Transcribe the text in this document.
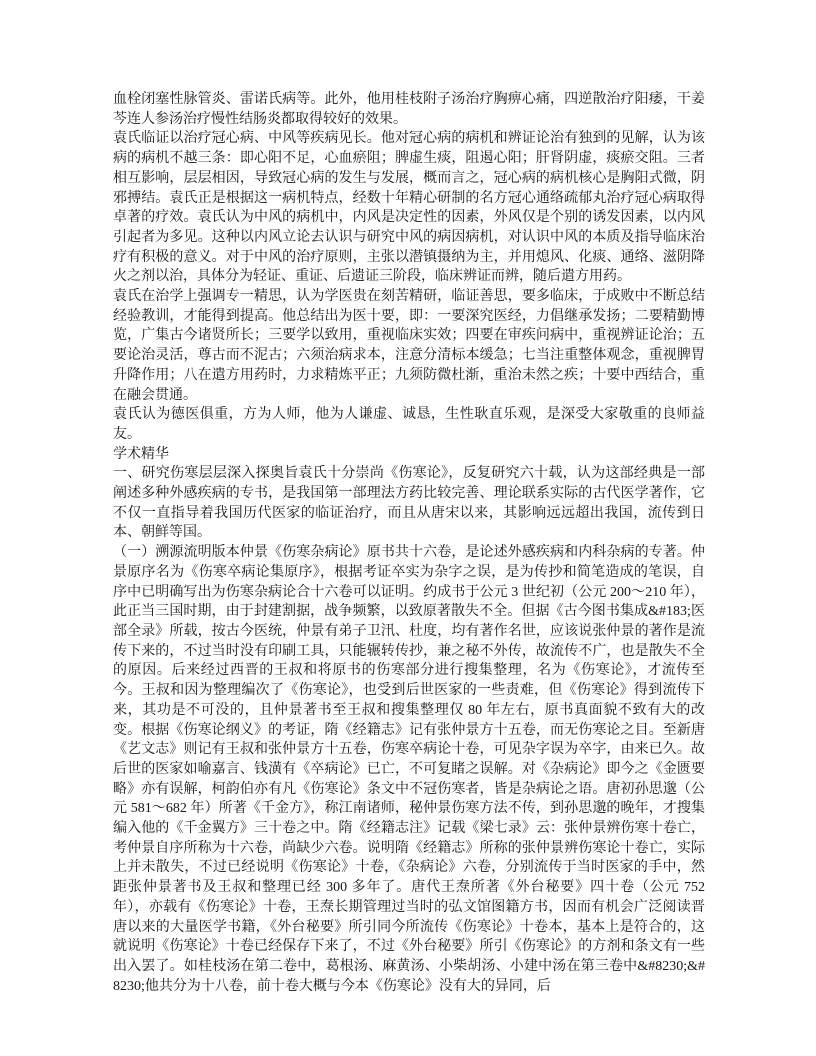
血栓闭塞性脉管炎、雷诺氏病等。此外，他用桂枝附子汤治疗胸痹心痛，四逆散治疗阳痿，干姜芩连人参汤治疗慢性结肠炎都取得较好的效果。

袁氏临证以治疗冠心病、中风等疾病见长。他对冠心病的病机和辨证论治有独到的见解，认为该病的病机不越三条：即心阳不足，心血瘀阻；脾虚生痰，阻遏心阳；肝肾阴虚，痰瘀交阻。三者相互影响，层层相因，导致冠心病的发生与发展，概而言之，冠心病的病机核心是胸阳式微，阴邪搏结。袁氏正是根据这一病机特点，经数十年精心研制的名方冠心通络疏郁丸治疗冠心病取得卓著的疗效。袁氏认为中风的病机中，内风是决定性的因素，外风仅是个别的诱发因素，以内风引起者为多见。这种以内风立论去认识与研究中风的病因病机，对认识中风的本质及指导临床治疗有积极的意义。对于中风的治疗原则，主张以潜镇摄纳为主，并用熄风、化痰、通络、滋阴降火之剂以治，具体分为轻证、重证、后遗证三阶段，临床辨证而辨，随后遣方用药。

袁氏在治学上强调专一精思，认为学医贵在刻苦精研，临证善思，要多临床，于成败中不断总结经验教训，才能得到提高。他总结出为医十要，即：一要深究医经，力倡继承发扬；二要精勤博览，广集古今诸贤所长；三要学以致用，重视临床实效；四要在审疾问病中，重视辨证论治；五要论治灵活，尊古而不泥古；六须治病求本，注意分清标本缓急；七当注重整体观念，重视脾胃升降作用；八在遣方用药时，力求精炼平正；九须防微杜渐，重治未然之疾；十要中西结合，重在融会贯通。

袁氏认为德医俱重，方为人师，他为人谦虚、诚恳，生性耿直乐观，是深受大家敬重的良师益友。

学术精华

一、研究伤寒层层深入探奥旨袁氏十分崇尚《伤寒论》，反复研究六十载，认为这部经典是一部阐述多种外感疾病的专书，是我国第一部理法方药比较完善、理论联系实际的古代医学著作，它不仅一直指导着我国历代医家的临证治疗，而且从唐宋以来，其影响远远超出我国，流传到日本、朝鲜等国。

（一）溯源流明版本仲景《伤寒杂病论》原书共十六卷，是论述外感疾病和内科杂病的专著。仲景原序名为《伤寒卒病论集原序》，根据考证卒实为杂字之误，是为传抄和简笔造成的笔误，自序中已明确写出为伤寒杂病论合十六卷可以证明。约成书于公元 3 世纪初（公元 200～210 年），此正当三国时期，由于封建割据，战争频繁，以致原著散失不全。但据《古今图书集成&#183;医部全录》所载，按古今医统，仲景有弟子卫汛、杜度，均有著作名世，应该说张仲景的著作是流传下来的，不过当时没有印刷工具，只能辗转传抄，兼之秘不外传，故流传不广，也是散失不全的原因。后来经过西晋的王叔和将原书的伤寒部分进行搜集整理，名为《伤寒论》，才流传至今。王叔和因为整理编次了《伤寒论》，也受到后世医家的一些责难，但《伤寒论》得到流传下来，其功是不可没的，且仲景著书至王叔和搜集整理仅 80 年左右，原书真面貌不致有大的改变。根据《伤寒论纲义》的考证，隋《经籍志》记有张仲景方十五卷，而无伤寒论之目。至新唐《艺文志》则记有王叔和张仲景方十五卷，伤寒卒病论十卷，可见杂字误为卒字，由来已久。故后世的医家如喻嘉言、钱潢有《卒病论》已亡，不可复睹之误解。对《杂病论》即今之《金匮要略》亦有误解，柯韵伯亦有凡《伤寒论》条文中不冠伤寒者，皆是杂病论之语。唐初孙思邈（公元 581～682 年）所著《千金方》，称江南诸师，秘仲景伤寒方法不传，到孙思邈的晚年，才搜集编入他的《千金翼方》三十卷之中。隋《经籍志注》记载《梁七录》云：张仲景辨伤寒十卷亡，考仲景自序所称为十六卷，尚缺少六卷。说明隋《经籍志》所称的张仲景辨伤寒论十卷亡，实际上并未散失，不过已经说明《伤寒论》十卷，《杂病论》六卷，分别流传于当时医家的手中，然距张仲景著书及王叔和整理已经 300 多年了。唐代王焘所著《外台秘要》四十卷（公元 752 年），亦载有《伤寒论》十卷，王焘长期管理过当时的弘文馆图籍方书，因而有机会广泛阅读晋唐以来的大量医学书籍，《外台秘要》所引同今所流传《伤寒论》十卷本，基本上是符合的，这就说明《伤寒论》十卷已经保存下来了，不过《外台秘要》所引《伤寒论》的方剂和条文有一些出入罢了。如桂枝汤在第二卷中，葛根汤、麻黄汤、小柴胡汤、小建中汤在第三卷中&#8230;&#8230;他共分为十八卷，前十卷大概与今本《伤寒论》没有大的异同，后
